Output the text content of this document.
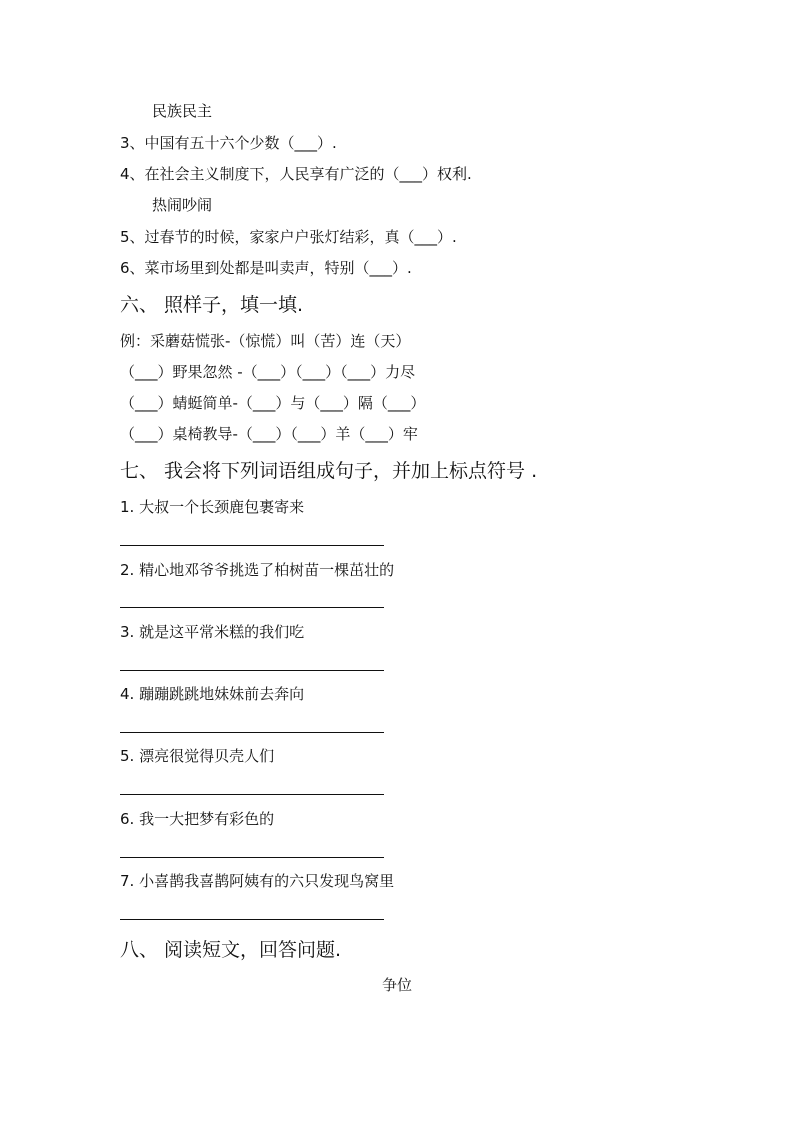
民族民主
3、中国有五十六个少数（___）.
4、在社会主义制度下，人民享有广泛的（___）权利.
热闹吵闹
5、过春节的时候，家家户户张灯结彩，真（___）.
6、菜市场里到处都是叫卖声，特别（___）.
六、 照样子，填一填.
例：采蘑菇慌张-（惊慌）叫（苦）连（天）
（___）野果忽然 -（___）（___）（___）力尽
（___）蜻蜓简单-（___）与（___）隔（___）
（___）桌椅教导-（___）（___）羊（___）牢
七、 我会将下列词语组成句子，并加上标点符号 .
1. 大叔一个长颈鹿包裹寄来
2. 精心地邓爷爷挑选了柏树苗一棵茁壮的
3. 就是这平常米糕的我们吃
4. 蹦蹦跳跳地妹妹前去奔向
5. 漂亮很觉得贝壳人们
6. 我一大把梦有彩色的
7. 小喜鹊我喜鹊阿姨有的六只发现鸟窝里
八、 阅读短文，回答问题.
争位
